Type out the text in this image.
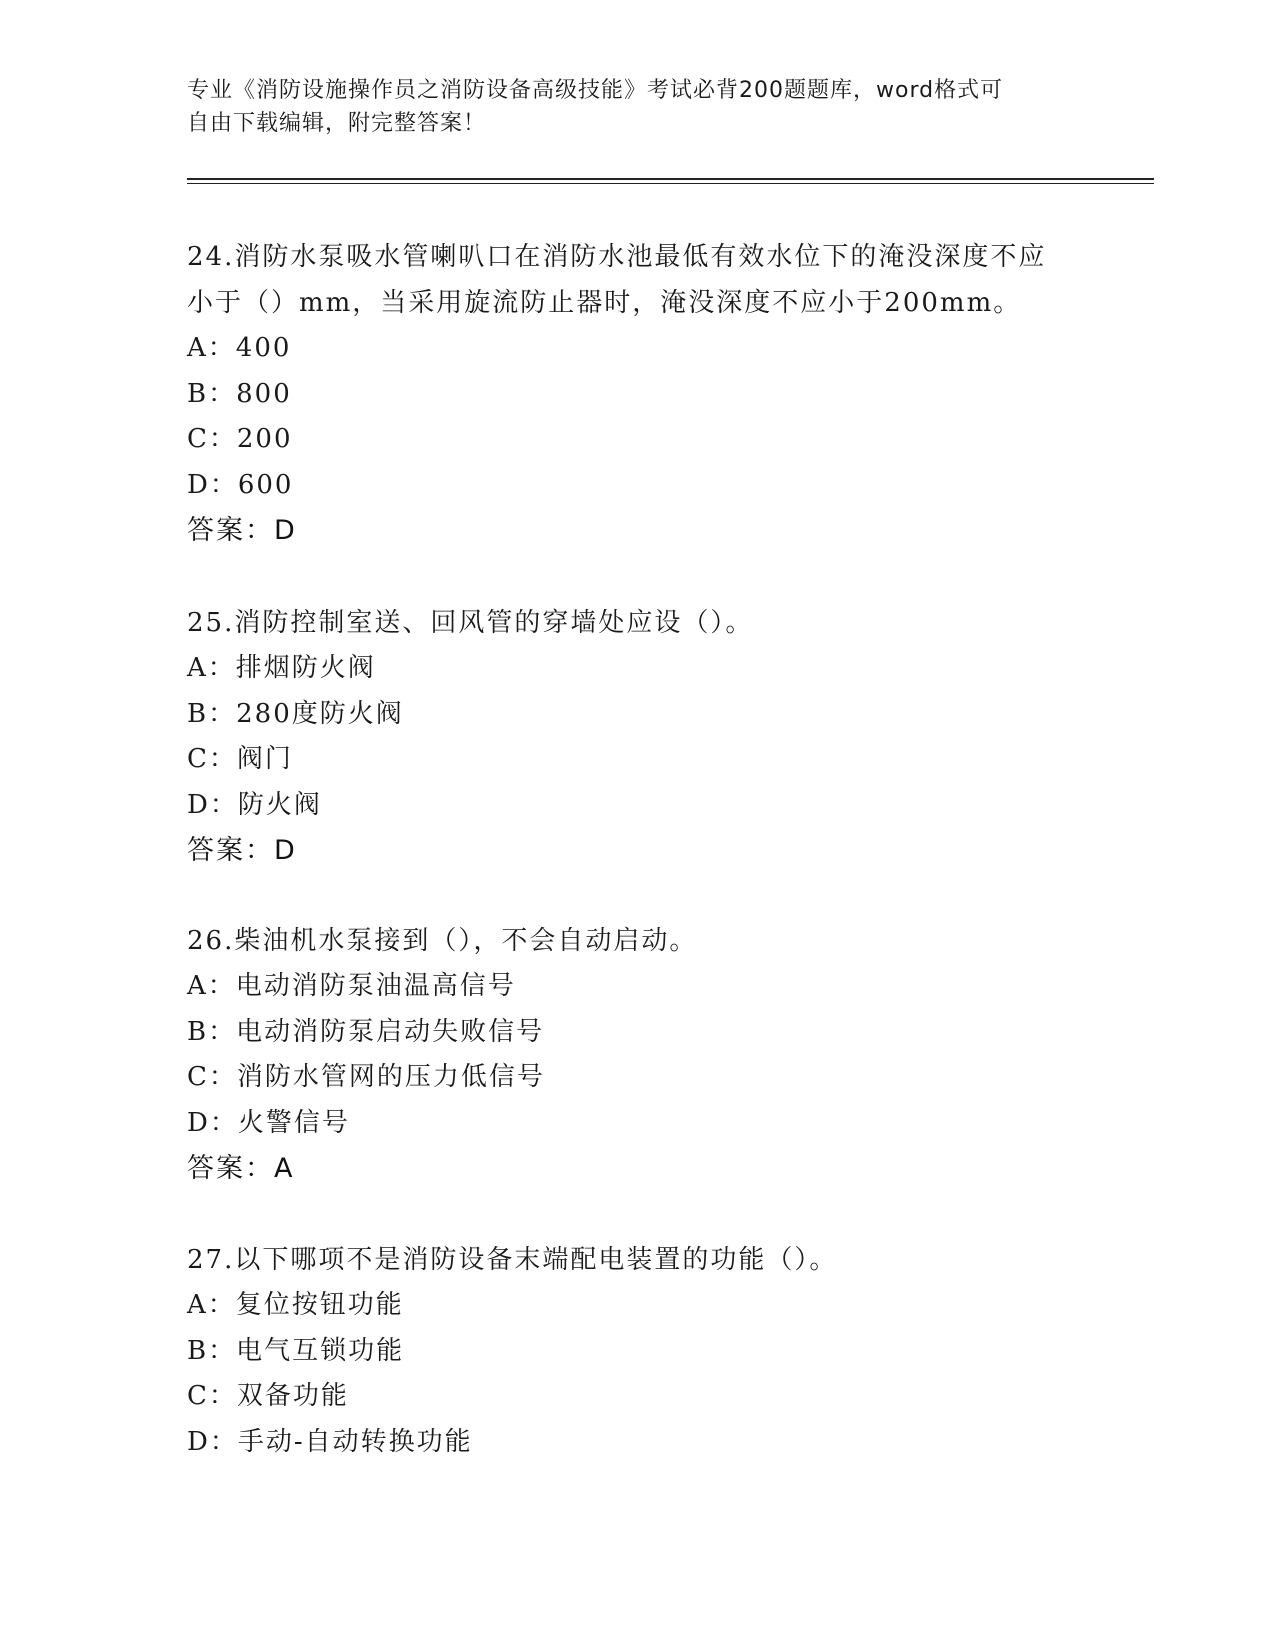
专业《消防设施操作员之消防设备高级技能》考试必背200题题库，word格式可
自由下载编辑，附完整答案！
24.消防水泵吸水管喇叭口在消防水池最低有效水位下的淹没深度不应
小于（）mm，当采用旋流防止器时，淹没深度不应小于200mm。
A：400
B：800
C：200
D：600
答案：D
25.消防控制室送、回风管的穿墙处应设（）。
A：排烟防火阀
B：280度防火阀
C：阀门
D：防火阀
答案：D
26.柴油机水泵接到（），不会自动启动。
A：电动消防泵油温高信号
B：电动消防泵启动失败信号
C：消防水管网的压力低信号
D：火警信号
答案：A
27.以下哪项不是消防设备末端配电装置的功能（）。
A：复位按钮功能
B：电气互锁功能
C：双备功能
D：手动-自动转换功能
